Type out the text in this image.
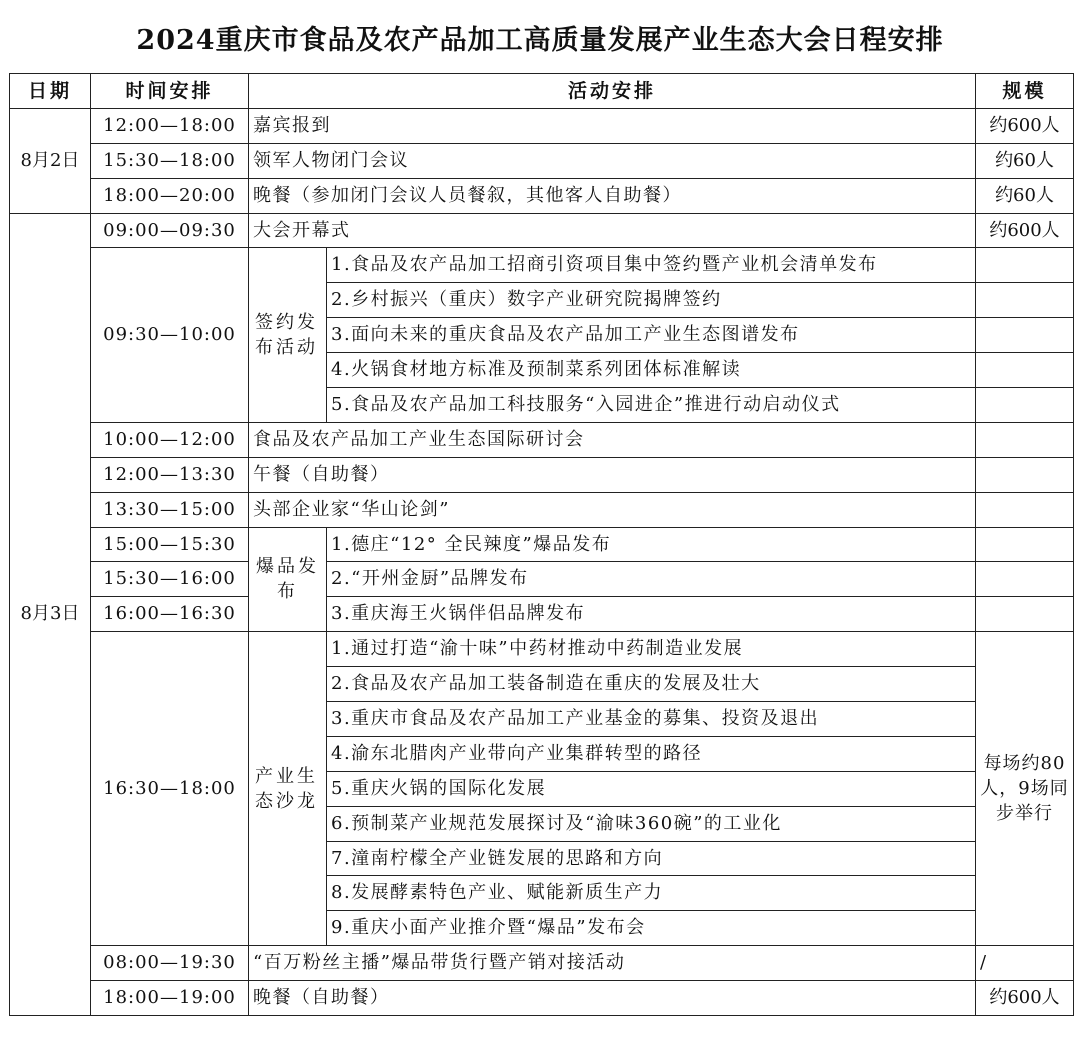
2024重庆市食品及农产品加工高质量发展产业生态大会日程安排
日期	时间安排	活动安排		规模
8月2日	12:00—18:00	嘉宾报到		约600人
	15:30—18:00	领军人物闭门会议		约60人
	18:00—20:00	晚餐（参加闭门会议人员餐叙，其他客人自助餐）		约60人
8月3日	09:00—09:30	大会开幕式		约600人
	09:30—10:00	签约发布活动	1.食品及农产品加工招商引资项目集中签约暨产业机会清单发布	
			2.乡村振兴（重庆）数字产业研究院揭牌签约	
			3.面向未来的重庆食品及农产品加工产业生态图谱发布	
			4.火锅食材地方标准及预制菜系列团体标准解读	
			5.食品及农产品加工科技服务“入园进企”推进行动启动仪式	
	10:00—12:00	食品及农产品加工产业生态国际研讨会		
	12:00—13:30	午餐（自助餐）		
	13:30—15:00	头部企业家“华山论剑”		
	15:00—15:30	爆品发布	1.德庄“12° 全民辣度”爆品发布	
	15:30—16:00		2.“开州金厨”品牌发布	
	16:00—16:30		3.重庆海王火锅伴侣品牌发布	
	16:30—18:00	产业生态沙龙	1.通过打造“渝十味”中药材推动中药制造业发展	每场约80人，9场同步举行
			2.食品及农产品加工装备制造在重庆的发展及壮大	
			3.重庆市食品及农产品加工产业基金的募集、投资及退出	
			4.渝东北腊肉产业带向产业集群转型的路径	
			5.重庆火锅的国际化发展	
			6.预制菜产业规范发展探讨及“渝味360碗”的工业化	
			7.潼南柠檬全产业链发展的思路和方向	
			8.发展酵素特色产业、赋能新质生产力	
			9.重庆小面产业推介暨“爆品”发布会	
	08:00—19:30	“百万粉丝主播”爆品带货行暨产销对接活动		/
	18:00—19:00	晚餐（自助餐）		约600人
